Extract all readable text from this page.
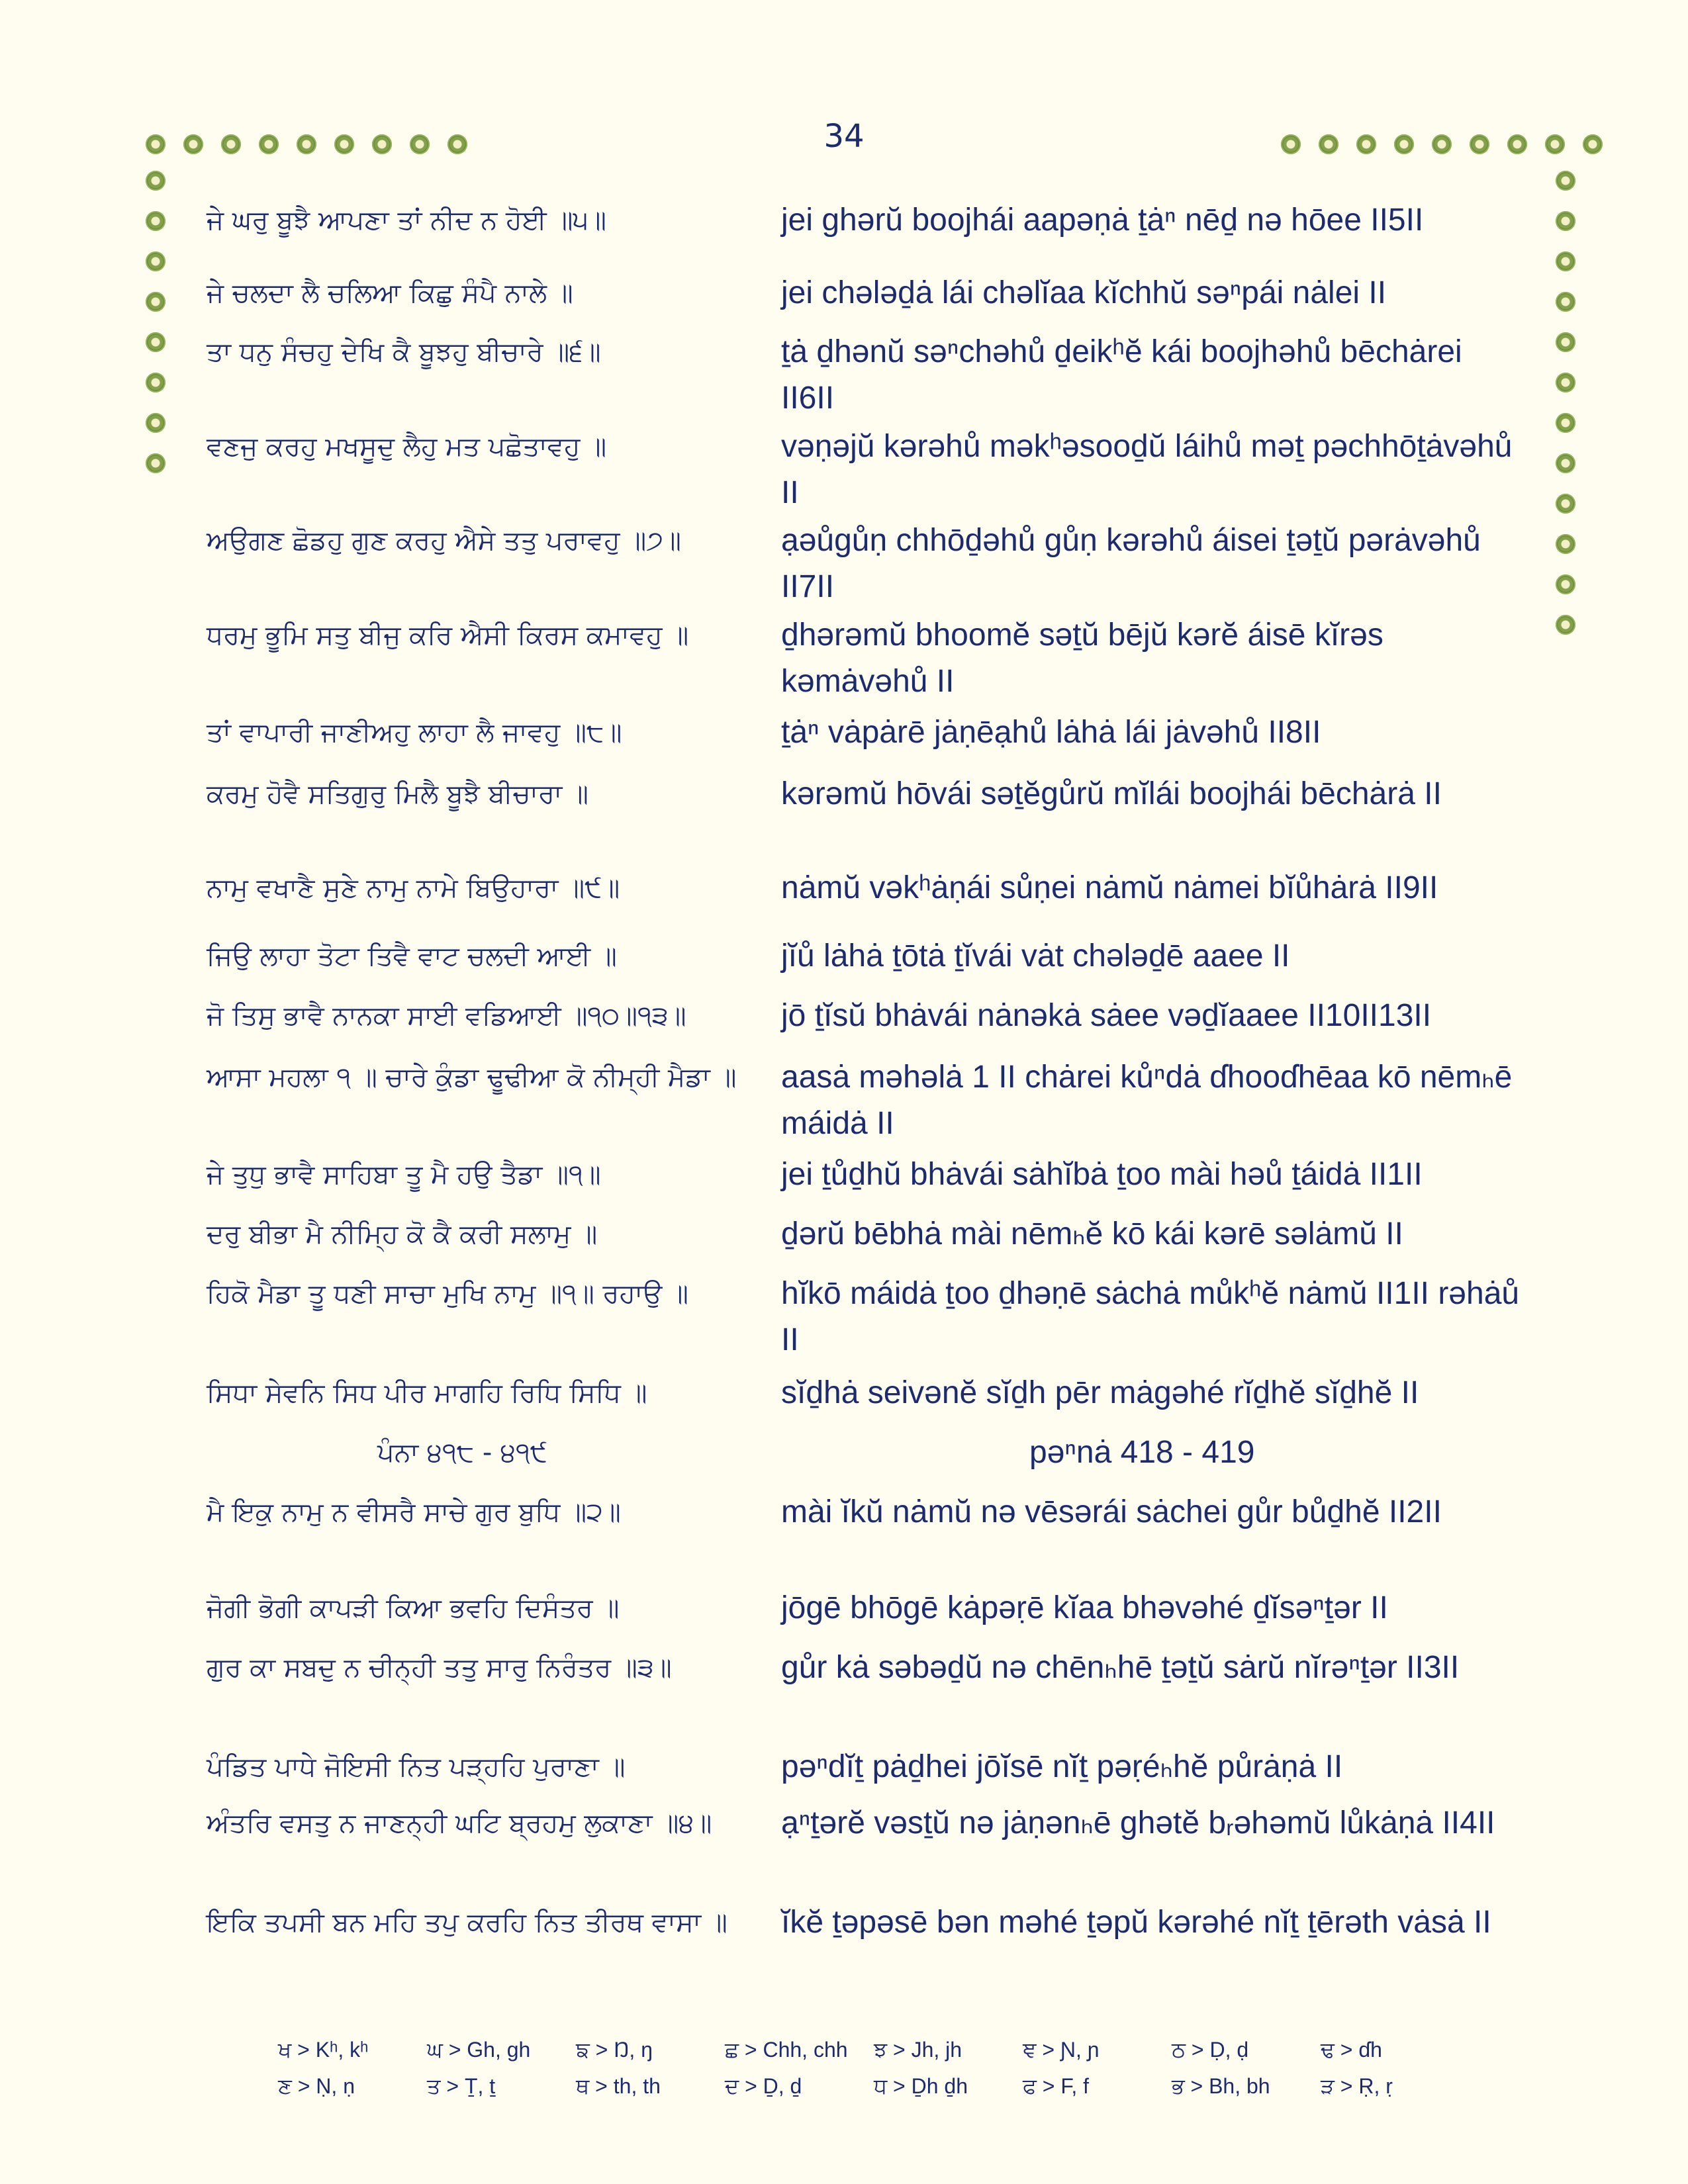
34
ਜੇ ਘਰੁ ਬੂਝੈ ਆਪਣਾ ਤਾਂ ਨੀਦ ਨ ਹੋਈ ॥੫॥	jei ghərŭ boojhái aapəṇȧ ṯȧⁿ nēḏ nə hōee II5II
ਜੇ ਚਲਦਾ ਲੈ ਚਲਿਆ ਕਿਛੁ ਸੰਪੈ ਨਾਲੇ ॥	jei chələḏȧ lái chəlĭaa kĭchhŭ səⁿpái nȧlei II
ਤਾ ਧਨੁ ਸੰਚਹੁ ਦੇਖਿ ਕੈ ਬੂਝਹੁ ਬੀਚਾਰੇ ॥੬॥	ṯȧ ḏhənŭ səⁿchəhů ḏeikʰĕ kái boojhəhů bēchȧrei II6II
ਵਣਜੁ ਕਰਹੁ ਮਖਸੂਦੁ ਲੈਹੁ ਮਤ ਪਛੋਤਾਵਹੁ ॥	vəṇəjŭ kərəhů məkʰəsooḏŭ láihů məṯ pəchhōṯȧvəhů II
ਅਉਗਣ ਛੋਡਹੁ ਗੁਣ ਕਰਹੁ ਐਸੇ ਤਤੁ ਪਰਾਵਹੁ ॥੭॥	ạəůgůṇ chhōḏəhů gůṇ kərəhů áisei ṯəṯŭ pərȧvəhů II7II
ਧਰਮੁ ਭੂਮਿ ਸਤੁ ਬੀਜੁ ਕਰਿ ਐਸੀ ਕਿਰਸ ਕਮਾਵਹੁ ॥	ḏhərəmŭ bhoomĕ səṯŭ bējŭ kərĕ áisē kĭrəs kəmȧvəhů II
ਤਾਂ ਵਾਪਾਰੀ ਜਾਣੀਅਹੁ ਲਾਹਾ ਲੈ ਜਾਵਹੁ ॥੮॥	ṯȧⁿ vȧpȧrē jȧṇēạhů lȧhȧ lái jȧvəhů II8II
ਕਰਮੁ ਹੋਵੈ ਸਤਿਗੁਰੁ ਮਿਲੈ ਬੂਝੈ ਬੀਚਾਰਾ ॥	kərəmŭ hōvái səṯĕgůrŭ mĭlái boojhái bēchȧrȧ II
ਨਾਮੁ ਵਖਾਣੈ ਸੁਣੇ ਨਾਮੁ ਨਾਮੇ ਬਿਉਹਾਰਾ ॥੯॥	nȧmŭ vəkʰȧṇái sůṇei nȧmŭ nȧmei bĭůhȧrȧ II9II
ਜਿਉ ਲਾਹਾ ਤੋਟਾ ਤਿਵੈ ਵਾਟ ਚਲਦੀ ਆਈ ॥	jĭů lȧhȧ ṯōtȧ ṯĭvái vȧt chələḏē aaee II
ਜੋ ਤਿਸੁ ਭਾਵੈ ਨਾਨਕਾ ਸਾਈ ਵਡਿਆਈ ॥੧੦॥੧੩॥	jō ṯĭsŭ bhȧvái nȧnəkȧ sȧee vəḏĭaaee II10II13II
ਆਸਾ ਮਹਲਾ ੧ ॥ ਚਾਰੇ ਕੁੰਡਾ ਢੂਢੀਆ ਕੋ ਨੀਮ੍ਹੀ ਮੈਡਾ ॥	aasȧ məhəlȧ 1 II chȧrei kůⁿdȧ ɗhooɗhēaa kō nēmₕē máidȧ II
ਜੇ ਤੁਧੁ ਭਾਵੈ ਸਾਹਿਬਾ ਤੂ ਮੈ ਹਉ ਤੈਡਾ ॥੧॥	jei ṯůḏhŭ bhȧvái sȧhĭbȧ ṯoo mài həů ṯáidȧ II1II
ਦਰੁ ਬੀਭਾ ਮੈ ਨੀਮ੍ਹਿ ਕੋ ਕੈ ਕਰੀ ਸਲਾਮੁ ॥	ḏərŭ bēbhȧ mài nēmₕĕ kō kái kərē səlȧmŭ II
ਹਿਕੋ ਮੈਡਾ ਤੂ ਧਣੀ ਸਾਚਾ ਮੁਖਿ ਨਾਮੁ ॥੧॥ ਰਹਾਉ ॥	hĭkō máidȧ ṯoo ḏhəṇē sȧchȧ můkʰĕ nȧmŭ II1II rəhȧů II
ਸਿਧਾ ਸੇਵਨਿ ਸਿਧ ਪੀਰ ਮਾਗਹਿ ਰਿਧਿ ਸਿਧਿ ॥	sĭḏhȧ seivənĕ sĭḏh pēr mȧgəhé rĭḏhĕ sĭḏhĕ II
ਪੰਨਾ ੪੧੮ - ੪੧੯	pəⁿnȧ 418 - 419
ਮੈ ਇਕੁ ਨਾਮੁ ਨ ਵੀਸਰੈ ਸਾਚੇ ਗੁਰ ਬੁਧਿ ॥੨॥	mài ĭkŭ nȧmŭ nə vēsərái sȧchei gůr bůḏhĕ II2II
ਜੋਗੀ ਭੋਗੀ ਕਾਪੜੀ ਕਿਆ ਭਵਹਿ ਦਿਸੰਤਰ ॥	jōgē bhōgē kȧpəṛē kĭaa bhəvəhé ḏĭsəⁿṯər II
ਗੁਰ ਕਾ ਸਬਦੁ ਨ ਚੀਨ੍ਹੀ ਤਤੁ ਸਾਰੁ ਨਿਰੰਤਰ ॥੩॥	gůr kȧ səbəḏŭ nə chēnₕhē ṯəṯŭ sȧrŭ nĭrəⁿṯər II3II
ਪੰਡਿਤ ਪਾਧੇ ਜੋਇਸੀ ਨਿਤ ਪੜ੍ਹਹਿ ਪੁਰਾਣਾ ॥	pəⁿdĭṯ pȧḏhei jōĭsē nĭṯ pəṛéₕhĕ půrȧṇȧ II
ਅੰਤਰਿ ਵਸਤੁ ਨ ਜਾਣਨ੍ਹੀ ਘਟਿ ਬ੍ਰਹਮੁ ਲੁਕਾਣਾ ॥੪॥	ạⁿṯərĕ vəsṯŭ nə jȧṇənₕē ghətĕ bᵣəhəmŭ lůkȧṇȧ II4II
ਇਕਿ ਤਪਸੀ ਬਨ ਮਹਿ ਤਪੁ ਕਰਹਿ ਨਿਤ ਤੀਰਥ ਵਾਸਾ ॥	ĭkĕ ṯəpəsē bən məhé ṯəpŭ kərəhé nĭṯ ṯērəth vȧsȧ II
ਖ > Kʰ, kʰ	ਘ > Gh, gh	ਙ > Ŋ, ŋ	ਛ > Chh, chh	ਝ > Jh, jh	ਞ > Ɲ, ɲ	ਠ > Ḍ, ḍ	ਢ > ɗh
ਣ > Ṇ, ṇ	ਤ > Ṯ, ṯ	ਥ > th, th	ਦ > Ḏ, ḏ	ਧ > Ḏh ḏh	ਫ > F, f	ਭ > Bh, bh	ੜ > Ṛ, ṛ
